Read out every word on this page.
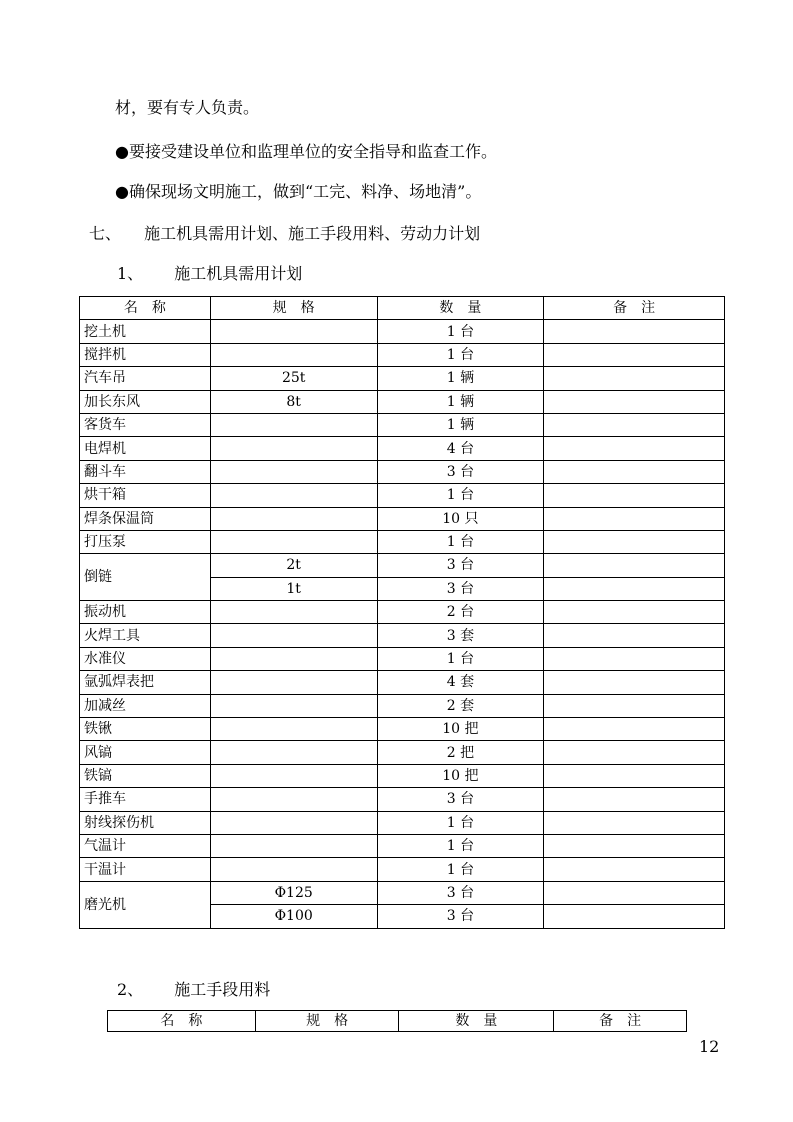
材，要有专人负责。
●要接受建设单位和监理单位的安全指导和监查工作。
●确保现场文明施工，做到“工完、料净、场地清”。
七、 施工机具需用计划、施工手段用料、劳动力计划
1、 施工机具需用计划
名　称	规　格	数　量	备　注
挖土机		1 台	
搅拌机		1 台	
汽车吊	25t	1 辆	
加长东风	8t	1 辆	
客货车		1 辆	
电焊机		4 台	
翻斗车		3 台	
烘干箱		1 台	
焊条保温筒		10 只	
打压泵		1 台	
倒链	2t	3 台	
	1t	3 台	
振动机		2 台	
火焊工具		3 套	
水准仪		1 台	
氩弧焊表把		4 套	
加减丝		2 套	
铁锹		10 把	
风镐		2 把	
铁镐		10 把	
手推车		3 台	
射线探伤机		1 台	
气温计		1 台	
干温计		1 台	
磨光机	Φ125	3 台	
	Φ100	3 台	
2、 施工手段用料
名　称	规　格	数　量	备　注
12
